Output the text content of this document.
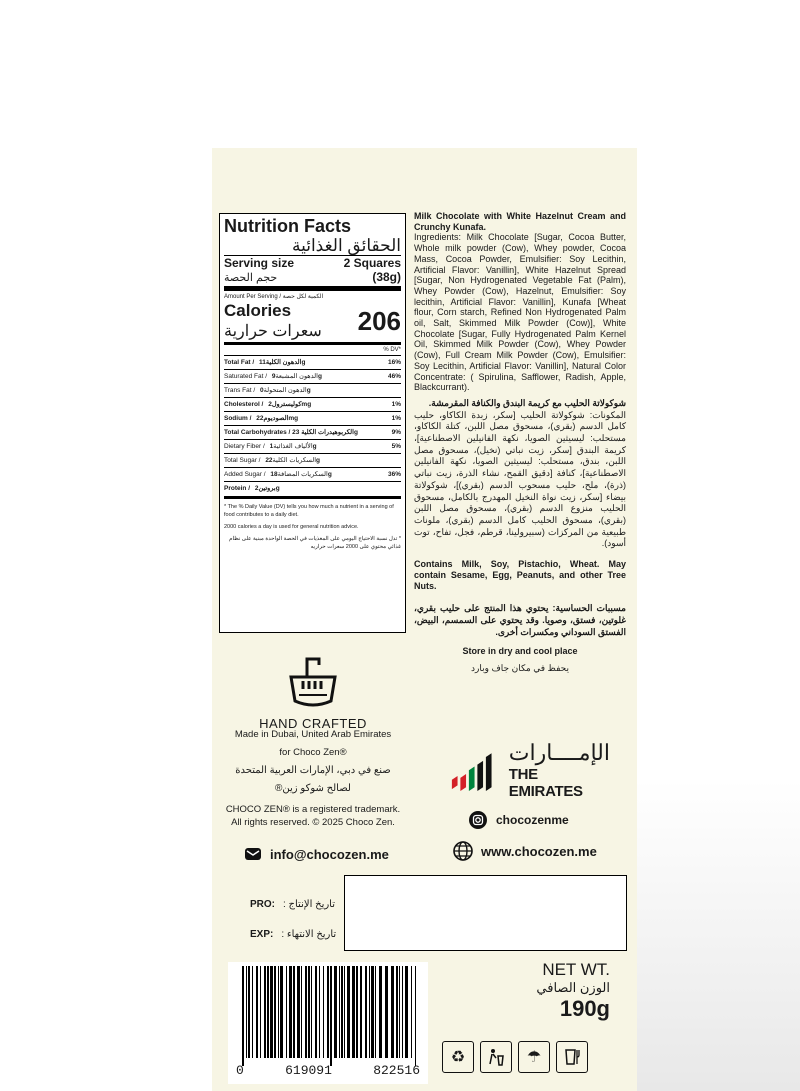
Nutrition Facts
الحقائق الغذائية
Serving size	2 Squares
حجم الحصة	(38g)
Amount Per Serving / الكمية لكل حصة
Calories
سعرات حرارية 206
% DV*
Total Fat / الدهون الكلية11g	16%
Saturated Fat / الدهون المشبعة9g	46%
Trans Fat / الدهون المتحولة0g
Cholesterol / كوليسترول2mg	1%
Sodium / الصوديوم22mg	1%
Total Carbohydrates / الكربوهيدرات الكلية 23g	9%
Dietary Fiber / الألياف الغذائية1g	5%
Total Sugar / السكريات الكلية22g
Added Sugar / السكريات المضافة18g	36%
Protein / بروتين2g
* The % Daily Value (DV) tells you how much a nutrient in a serving of food contributes to a daily diet.
2000 calories a day is used for general nutrition advice.
* تدل نسبة الاحتياج اليومي على المغذيات في الحصة الواحدة مبنية على نظام غذائي محتوي على 2000 سعرات حراريه

Milk Chocolate with White Hazelnut Cream and Crunchy Kunafa.

Ingredients: Milk Chocolate [Sugar, Cocoa Butter, Whole milk powder (Cow), Whey powder, Cocoa Mass, Cocoa Powder, Emulsifier: Soy Lecithin, Artificial Flavor: Vanillin], White Hazelnut Spread [Sugar, Non Hydrogenated Vegetable Fat (Palm), Whey Powder (Cow), Hazelnut, Emulsifier: Soy lecithin, Artificial Flavor: Vanillin], Kunafa [Wheat flour, Corn starch, Refined Non Hydrogenated Palm oil, Salt, Skimmed Milk Powder (Cow)], White Chocolate [Sugar, Fully Hydrogenated Palm Kernel Oil, Skimmed Milk Powder (Cow), Whey Powder (Cow), Full Cream Milk Powder (Cow), Emulsifier: Soy Lecithin, Artificial Flavor: Vanillin], Natural Color Concentrate: ( Spirulina, Safflower, Radish, Apple, Blackcurrant).

شوكولاتة الحليب مع كريمة البندق والكنافة المقرمشة.

المكونات: شوكولاتة الحليب [سكر، زبدة الكاكاو، حليب كامل الدسم (بقري)، مسحوق مصل اللبن، كتلة الكاكاو، مستحلب: ليسيثين الصويا، نكهة الفانيلين الاصطناعية]، كريمة البندق [سكر، زيت نباتي (نخيل)، مسحوق مصل اللبن، بندق، مستحلب: ليسيثين الصويا، نكهة الفانيلين الاصطناعية]، كنافة [دقيق القمح، نشاء الذرة، زيت نباتي (ذرة)، ملح، حليب مسحوب الدسم (بقري)]، شوكولاتة بيضاء [سكر، زيت نواة النخيل المهدرج بالكامل، مسحوق الحليب منزوع الدسم (بقري)، مسحوق مصل اللبن (بقري)، مسحوق الحليب كامل الدسم (بقري)، ملونات طبيعية من المركزات (سبيرولينا، قرطم، فجل، تفاح، توت أسود).

Contains Milk, Soy, Pistachio, Wheat. May contain Sesame, Egg, Peanuts, and other Tree Nuts.

مسببات الحساسية: يحتوي هذا المنتج على حليب بقري، غلوتين، فستق، وصويا. وقد يحتوي على السمسم، البيض، الفستق السوداني ومكسرات أخرى.

Store in dry and cool place

يحفظ في مكان جاف وبارد

HAND CRAFTED
Made in Dubai, United Arab Emirates
for Choco Zen®
صنع في دبي، الإمارات العربية المتحدة
لصالح شوكو زين®
CHOCO ZEN® is a registered trademark.
All rights reserved. © 2025 Choco Zen.
info@chocozen.me
الإمــــارات
THE EMIRATES
chocozenme
www.chocozen.me
PRO: تاريخ الإنتاج :
EXP: تاريخ الانتهاء :
NET WT.
الوزن الصافي
190g
0	619091	822516
♻	☂
